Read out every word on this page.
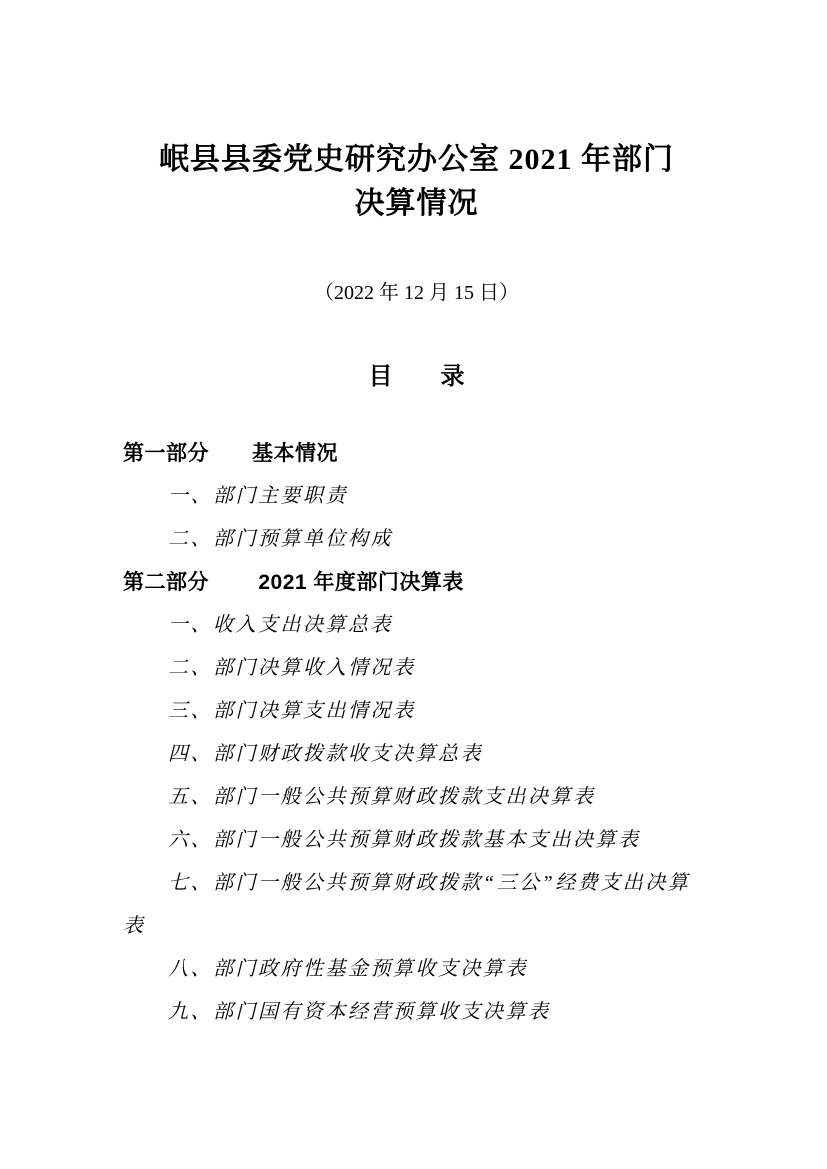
岷县县委党史研究办公室 2021 年部门
决算情况
（2022 年 12 月 15 日）
目　　录
第一部分　　基本情况
一、部门主要职责
二、部门预算单位构成
第二部分　　 2021 年度部门决算表
一、收入支出决算总表
二、部门决算收入情况表
三、部门决算支出情况表
四、部门财政拨款收支决算总表
五、部门一般公共预算财政拨款支出决算表
六、部门一般公共预算财政拨款基本支出决算表
七、部门一般公共预算财政拨款“三公”经费支出决算表
八、部门政府性基金预算收支决算表
九、部门国有资本经营预算收支决算表
